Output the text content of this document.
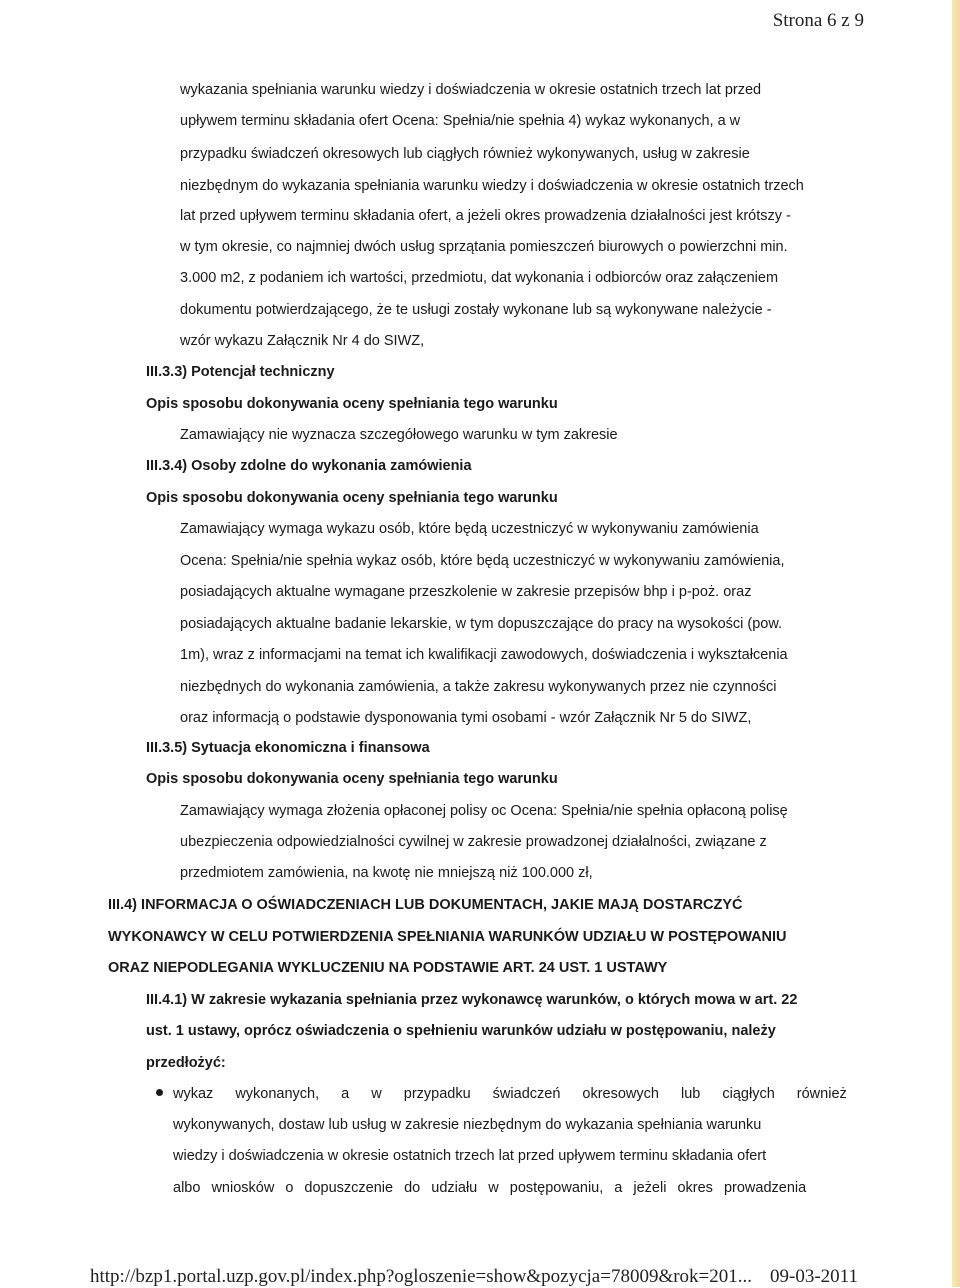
Strona 6 z 9
wykazania spełniania warunku wiedzy i doświadczenia w okresie ostatnich trzech lat przed
upływem terminu składania ofert Ocena: Spełnia/nie spełnia 4) wykaz wykonanych, a w
przypadku świadczeń okresowych lub ciągłych również wykonywanych, usług w zakresie
niezbędnym do wykazania spełniania warunku wiedzy i doświadczenia w okresie ostatnich trzech
lat przed upływem terminu składania ofert, a jeżeli okres prowadzenia działalności jest krótszy -
w tym okresie, co najmniej dwóch usług sprzątania pomieszczeń biurowych o powierzchni min.
3.000 m2, z podaniem ich wartości, przedmiotu, dat wykonania i odbiorców oraz załączeniem
dokumentu potwierdzającego, że te usługi zostały wykonane lub są wykonywane należycie -
wzór wykazu Załącznik Nr 4 do SIWZ,
III.3.3) Potencjał techniczny
Opis sposobu dokonywania oceny spełniania tego warunku
Zamawiający nie wyznacza szczegółowego warunku w tym zakresie
III.3.4) Osoby zdolne do wykonania zamówienia
Opis sposobu dokonywania oceny spełniania tego warunku
Zamawiający wymaga wykazu osób, które będą uczestniczyć w wykonywaniu zamówienia
Ocena: Spełnia/nie spełnia wykaz osób, które będą uczestniczyć w wykonywaniu zamówienia,
posiadających aktualne wymagane przeszkolenie w zakresie przepisów bhp i p-poż. oraz
posiadających aktualne badanie lekarskie, w tym dopuszczające do pracy na wysokości (pow.
1m), wraz z informacjami na temat ich kwalifikacji zawodowych, doświadczenia i wykształcenia
niezbędnych do wykonania zamówienia, a także zakresu wykonywanych przez nie czynności
oraz informacją o podstawie dysponowania tymi osobami - wzór Załącznik Nr 5 do SIWZ,
III.3.5) Sytuacja ekonomiczna i finansowa
Opis sposobu dokonywania oceny spełniania tego warunku
Zamawiający wymaga złożenia opłaconej polisy oc Ocena: Spełnia/nie spełnia opłaconą polisę
ubezpieczenia odpowiedzialności cywilnej w zakresie prowadzonej działalności, związane z
przedmiotem zamówienia, na kwotę nie mniejszą niż 100.000 zł,
III.4) INFORMACJA O OŚWIADCZENIACH LUB DOKUMENTACH, JAKIE MAJĄ DOSTARCZYĆ
WYKONAWCY W CELU POTWIERDZENIA SPEŁNIANIA WARUNKÓW UDZIAŁU W POSTĘPOWANIU
ORAZ NIEPODLEGANIA WYKLUCZENIU NA PODSTAWIE ART. 24 UST. 1 USTAWY
III.4.1) W zakresie wykazania spełniania przez wykonawcę warunków, o których mowa w art. 22
ust. 1 ustawy, oprócz oświadczenia o spełnieniu warunków udziału w postępowaniu, należy
przedłożyć:
wykaz wykonanych, a w przypadku świadczeń okresowych lub ciągłych również
wykonywanych, dostaw lub usług w zakresie niezbędnym do wykazania spełniania warunku
wiedzy i doświadczenia w okresie ostatnich trzech lat przed upływem terminu składania ofert
albo wniosków o dopuszczenie do udziału w postępowaniu, a jeżeli okres prowadzenia
http://bzp1.portal.uzp.gov.pl/index.php?ogloszenie=show&pozycja=78009&rok=201... 09-03-2011
